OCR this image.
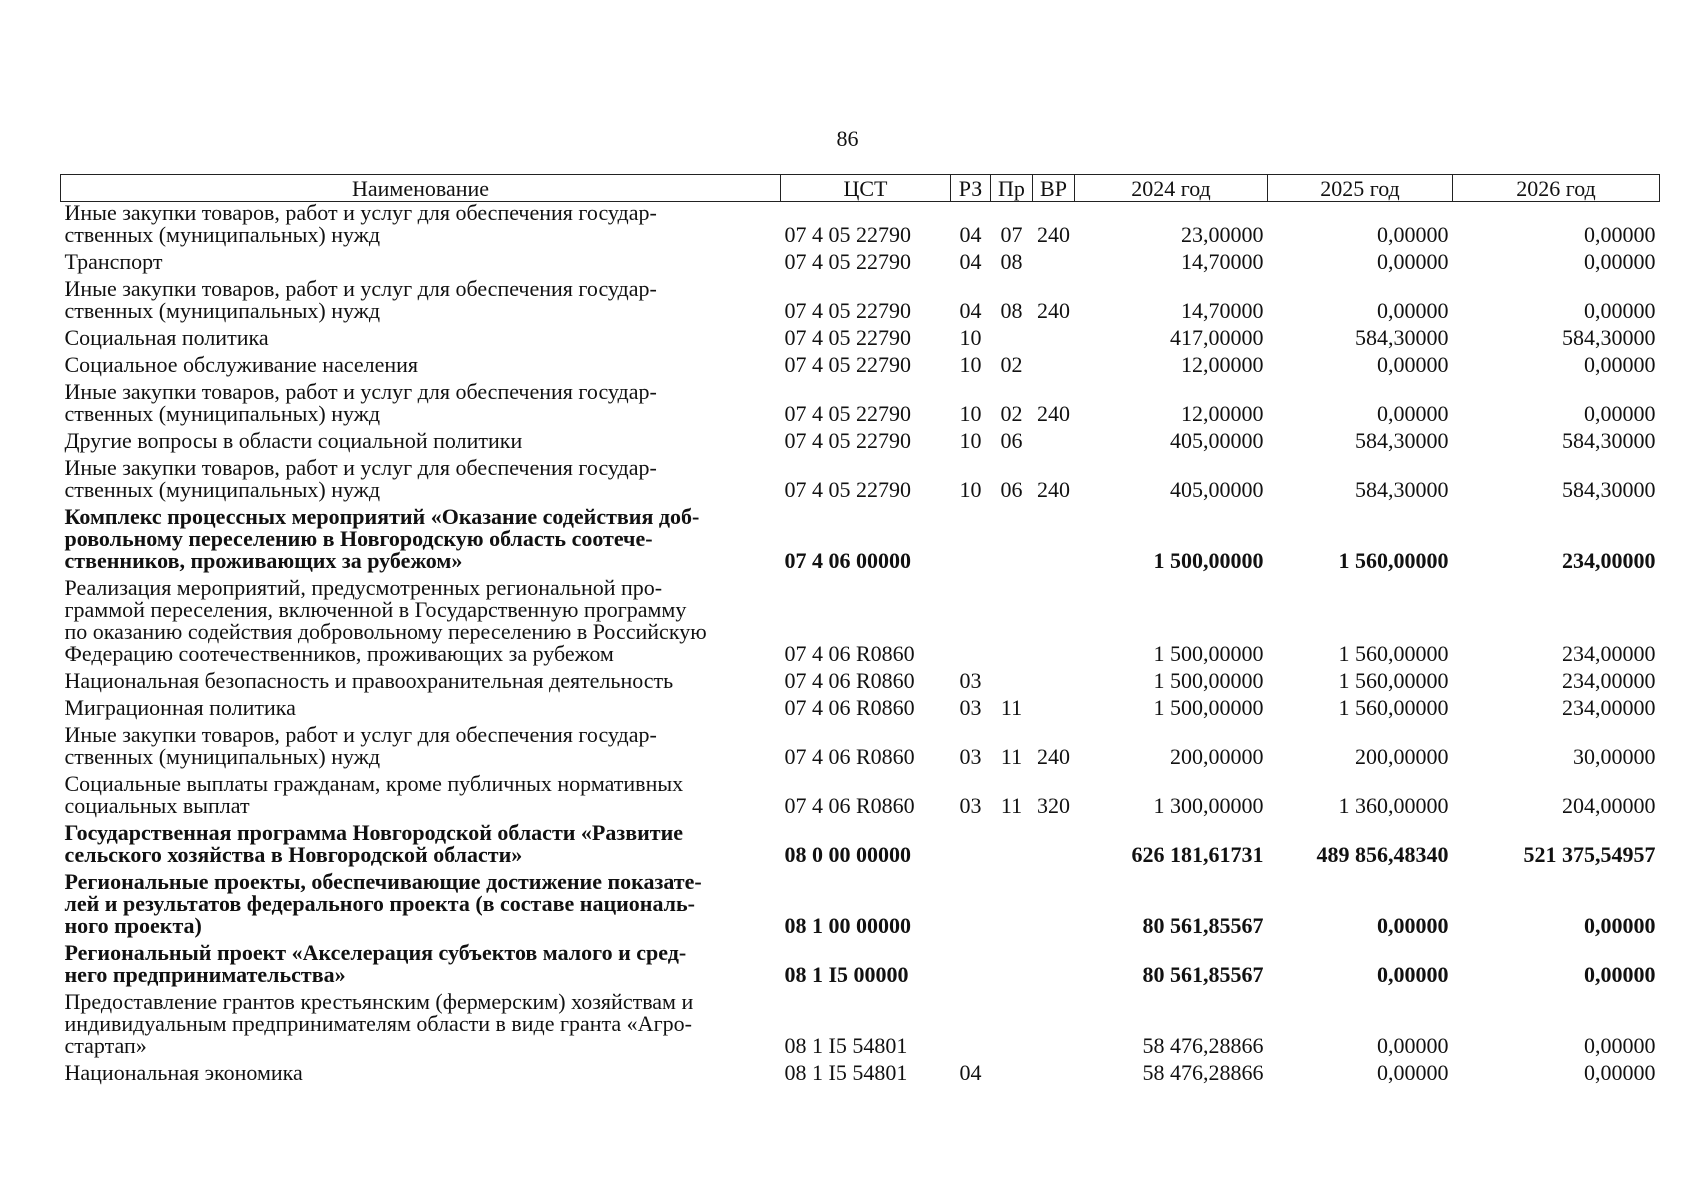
86
Наименование	ЦСТ	РЗ	Пр	ВР	2024 год	2025 год	2026 год
Иные закупки товаров, работ и услуг для обеспечения государ-
ственных (муниципальных) нужд	07 4 05 22790	04	07	240	23,00000	0,00000	0,00000
Транспорт	07 4 05 22790	04	08		14,70000	0,00000	0,00000
Иные закупки товаров, работ и услуг для обеспечения государ-
ственных (муниципальных) нужд	07 4 05 22790	04	08	240	14,70000	0,00000	0,00000
Социальная политика	07 4 05 22790	10			417,00000	584,30000	584,30000
Социальное обслуживание населения	07 4 05 22790	10	02		12,00000	0,00000	0,00000
Иные закупки товаров, работ и услуг для обеспечения государ-
ственных (муниципальных) нужд	07 4 05 22790	10	02	240	12,00000	0,00000	0,00000
Другие вопросы в области социальной политики	07 4 05 22790	10	06		405,00000	584,30000	584,30000
Иные закупки товаров, работ и услуг для обеспечения государ-
ственных (муниципальных) нужд	07 4 05 22790	10	06	240	405,00000	584,30000	584,30000
Комплекс процессных мероприятий «Оказание содействия доб-
ровольному переселению в Новгородскую область соотече-
ственников, проживающих за рубежом»	07 4 06 00000				1 500,00000	1 560,00000	234,00000
Реализация мероприятий, предусмотренных региональной про-
граммой переселения, включенной в Государственную программу
по оказанию содействия добровольному переселению в Российскую
Федерацию соотечественников, проживающих за рубежом	07 4 06 R0860				1 500,00000	1 560,00000	234,00000
Национальная безопасность и правоохранительная деятельность	07 4 06 R0860	03			1 500,00000	1 560,00000	234,00000
Миграционная политика	07 4 06 R0860	03	11		1 500,00000	1 560,00000	234,00000
Иные закупки товаров, работ и услуг для обеспечения государ-
ственных (муниципальных) нужд	07 4 06 R0860	03	11	240	200,00000	200,00000	30,00000
Социальные выплаты гражданам, кроме публичных нормативных
социальных выплат	07 4 06 R0860	03	11	320	1 300,00000	1 360,00000	204,00000
Государственная программа Новгородской области «Развитие
сельского хозяйства в Новгородской области»	08 0 00 00000				626 181,61731	489 856,48340	521 375,54957
Региональные проекты, обеспечивающие достижение показате-
лей и результатов федерального проекта (в составе националь-
ного проекта)	08 1 00 00000				80 561,85567	0,00000	0,00000
Региональный проект «Акселерация субъектов малого и сред-
него предпринимательства»	08 1 I5 00000				80 561,85567	0,00000	0,00000
Предоставление грантов крестьянским (фермерским) хозяйствам и
индивидуальным предпринимателям области в виде гранта «Агро-
стартап»	08 1 I5 54801				58 476,28866	0,00000	0,00000
Национальная экономика	08 1 I5 54801	04			58 476,28866	0,00000	0,00000
